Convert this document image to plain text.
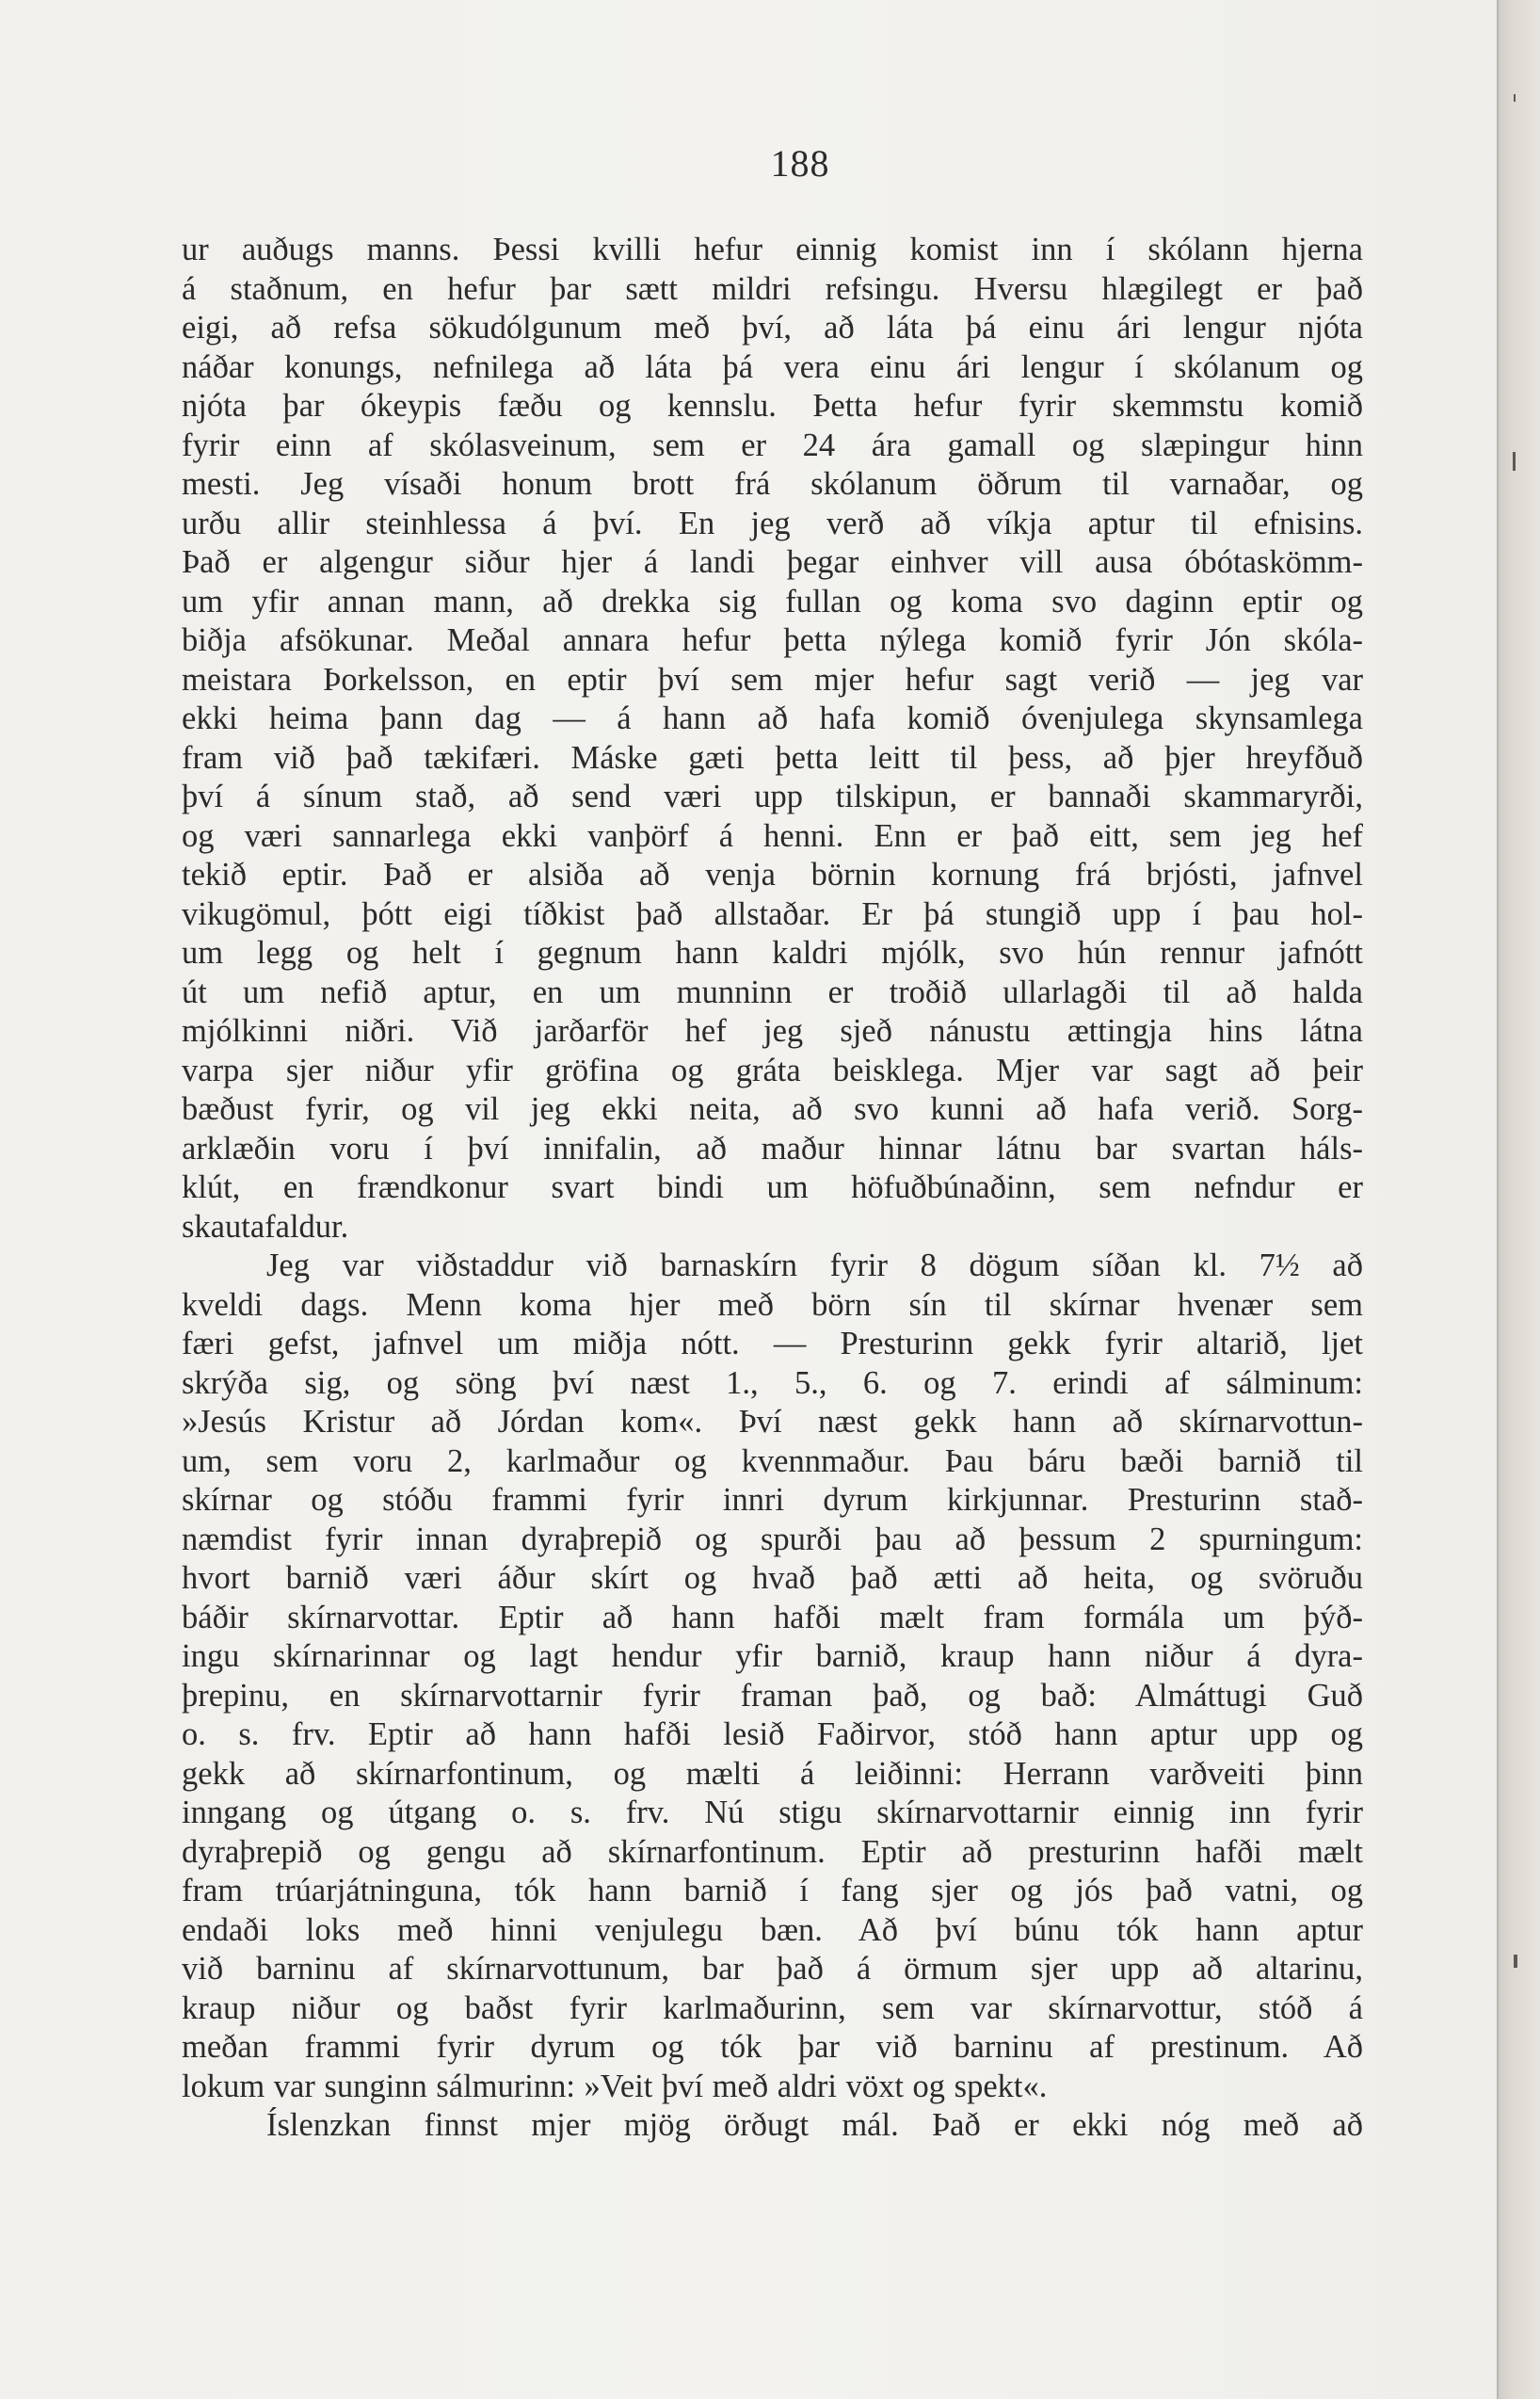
188
ur auðugs manns. Þessi kvilli hefur einnig komist inn í skólann hjerna
á staðnum, en hefur þar sætt mildri refsingu. Hversu hlægilegt er það
eigi, að refsa sökudólgunum með því, að láta þá einu ári lengur njóta
náðar konungs, nefnilega að láta þá vera einu ári lengur í skólanum og
njóta þar ókeypis fæðu og kennslu. Þetta hefur fyrir skemmstu komið
fyrir einn af skólasveinum, sem er 24 ára gamall og slæpingur hinn
mesti. Jeg vísaði honum brott frá skólanum öðrum til varnaðar, og
urðu allir steinhlessa á því. En jeg verð að víkja aptur til efnisins.
Það er algengur siður hjer á landi þegar einhver vill ausa óbótaskömm-
um yfir annan mann, að drekka sig fullan og koma svo daginn eptir og
biðja afsökunar. Meðal annara hefur þetta nýlega komið fyrir Jón skóla-
meistara Þorkelsson, en eptir því sem mjer hefur sagt verið — jeg var
ekki heima þann dag — á hann að hafa komið óvenjulega skynsamlega
fram við það tækifæri. Máske gæti þetta leitt til þess, að þjer hreyfðuð
því á sínum stað, að send væri upp tilskipun, er bannaði skammaryrði,
og væri sannarlega ekki vanþörf á henni. Enn er það eitt, sem jeg hef
tekið eptir. Það er alsiða að venja börnin kornung frá brjósti, jafnvel
vikugömul, þótt eigi tíðkist það allstaðar. Er þá stungið upp í þau hol-
um legg og helt í gegnum hann kaldri mjólk, svo hún rennur jafnótt
út um nefið aptur, en um munninn er troðið ullarlagði til að halda
mjólkinni niðri. Við jarðarför hef jeg sjeð nánustu ættingja hins látna
varpa sjer niður yfir gröfina og gráta beisklega. Mjer var sagt að þeir
bæðust fyrir, og vil jeg ekki neita, að svo kunni að hafa verið. Sorg-
arklæðin voru í því innifalin, að maður hinnar látnu bar svartan háls-
klút, en frændkonur svart bindi um höfuðbúnaðinn, sem nefndur er
skautafaldur.
Jeg var viðstaddur við barnaskírn fyrir 8 dögum síðan kl. 7½ að
kveldi dags. Menn koma hjer með börn sín til skírnar hvenær sem
færi gefst, jafnvel um miðja nótt. — Presturinn gekk fyrir altarið, ljet
skrýða sig, og söng því næst 1., 5., 6. og 7. erindi af sálminum:
»Jesús Kristur að Jórdan kom«. Því næst gekk hann að skírnarvottun-
um, sem voru 2, karlmaður og kvennmaður. Þau báru bæði barnið til
skírnar og stóðu frammi fyrir innri dyrum kirkjunnar. Presturinn stað-
næmdist fyrir innan dyraþrepið og spurði þau að þessum 2 spurningum:
hvort barnið væri áður skírt og hvað það ætti að heita, og svöruðu
báðir skírnarvottar. Eptir að hann hafði mælt fram formála um þýð-
ingu skírnarinnar og lagt hendur yfir barnið, kraup hann niður á dyra-
þrepinu, en skírnarvottarnir fyrir framan það, og bað: Almáttugi Guð
o. s. frv. Eptir að hann hafði lesið Faðirvor, stóð hann aptur upp og
gekk að skírnarfontinum, og mælti á leiðinni: Herrann varðveiti þinn
inngang og útgang o. s. frv. Nú stigu skírnarvottarnir einnig inn fyrir
dyraþrepið og gengu að skírnarfontinum. Eptir að presturinn hafði mælt
fram trúarjátninguna, tók hann barnið í fang sjer og jós það vatni, og
endaði loks með hinni venjulegu bæn. Að því búnu tók hann aptur
við barninu af skírnarvottunum, bar það á örmum sjer upp að altarinu,
kraup niður og baðst fyrir karlmaðurinn, sem var skírnarvottur, stóð á
meðan frammi fyrir dyrum og tók þar við barninu af prestinum. Að
lokum var sunginn sálmurinn: »Veit því með aldri vöxt og spekt«.
Íslenzkan finnst mjer mjög örðugt mál. Það er ekki nóg með að
